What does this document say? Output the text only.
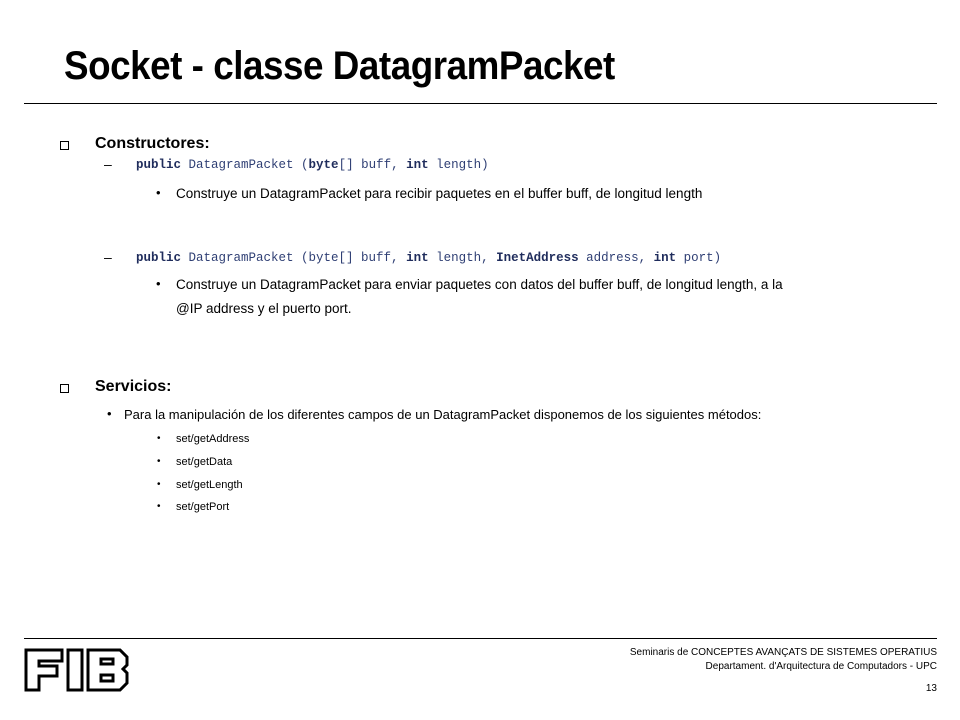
Socket - classe DatagramPacket
Constructores:
– public DatagramPacket (byte[] buff, int length)
• Construye un DatagramPacket para recibir paquetes en el buffer buff, de longitud length
– public DatagramPacket (byte[] buff, int length, InetAddress address, int port)
• Construye un DatagramPacket para enviar paquetes con datos del buffer buff, de longitud length, a la
@IP address y el puerto port.
Servicios:
• Para la manipulación de los diferentes campos de un DatagramPacket disponemos de los siguientes métodos:
• set/getAddress
• set/getData
• set/getLength
• set/getPort
Seminaris de CONCEPTES AVANÇATS DE SISTEMES OPERATIUS
Departament. d'Arquitectura de Computadors - UPC
13
